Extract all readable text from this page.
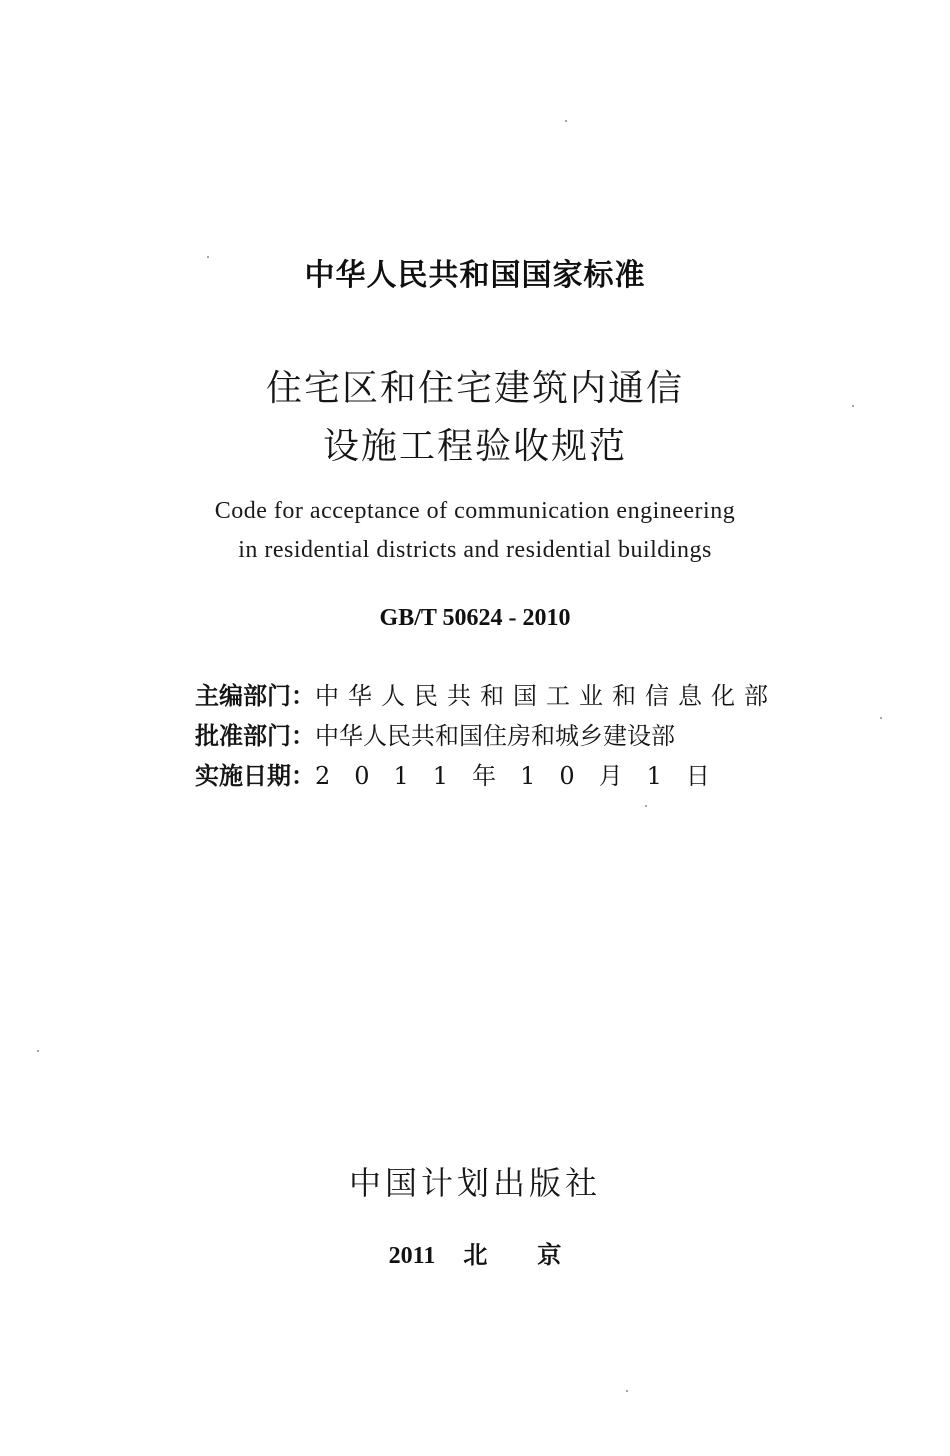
中华人民共和国国家标准
住宅区和住宅建筑内通信
设施工程验收规范
Code for acceptance of communication engineering
in residential districts and residential buildings
GB/T 50624 - 2010
主编部门：中华人民共和国工业和信息化部
批准部门：中华人民共和国住房和城乡建设部
实施日期：2 0 1 1 年 1 0 月 1 日
中国计划出版社
2011 北京
